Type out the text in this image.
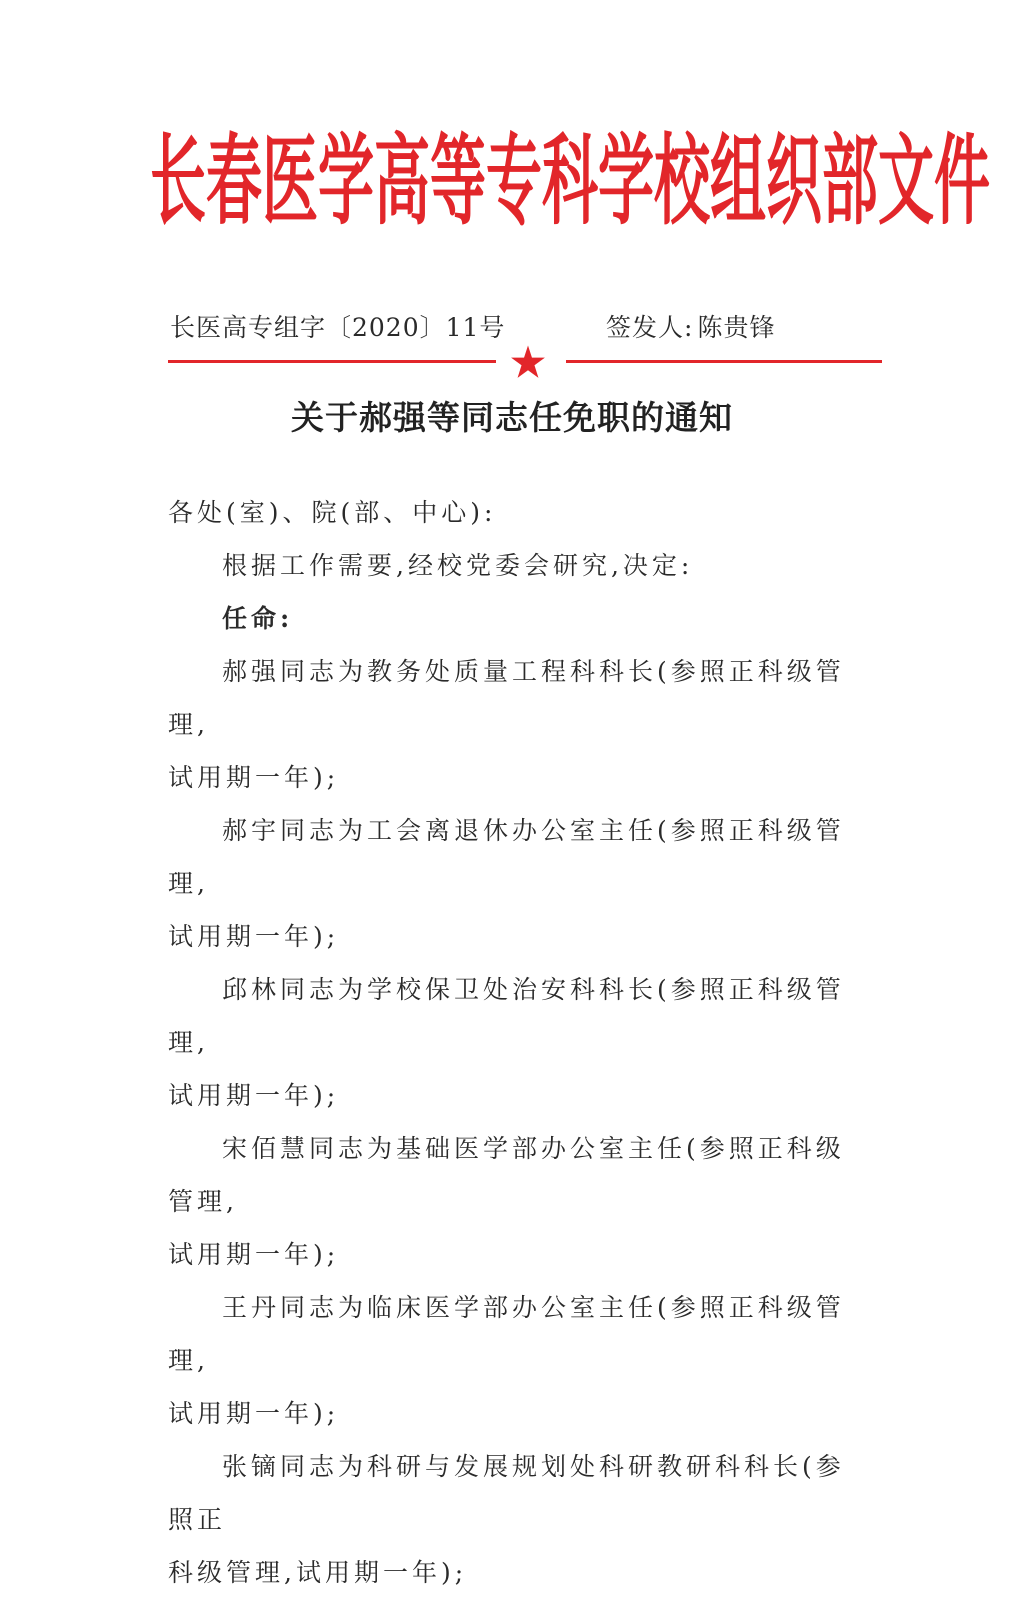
长春医学高等专科学校组织部文件
长医高专组字〔2020〕11号	签发人: 陈贵锋
关于郝强等同志任免职的通知

各处(室)、院(部、中心):

根据工作需要,经校党委会研究,决定:

任命:

郝强同志为教务处质量工程科科长(参照正科级管理,

试用期一年);

郝宇同志为工会离退休办公室主任(参照正科级管理,

试用期一年);

邱林同志为学校保卫处治安科科长(参照正科级管理,

试用期一年);

宋佰慧同志为基础医学部办公室主任(参照正科级管理,

试用期一年);

王丹同志为临床医学部办公室主任(参照正科级管理,

试用期一年);

张镝同志为科研与发展规划处科研教研科科长(参照正

科级管理,试用期一年);
